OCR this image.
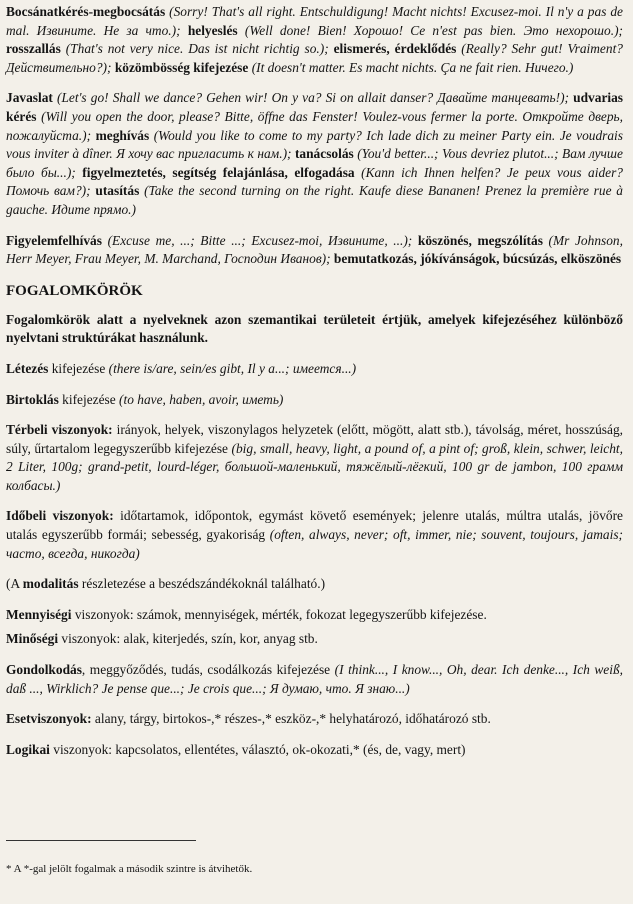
Bocsánatkérés-megbocsátás (Sorry! That's all right. Entschuldigung! Macht nichts! Excusez-moi. Il n'y a pas de mal. Извините. Не за что.); helyeslés (Well done! Bien! Хорошо! Ce n'est pas bien. Это нехорошо.); rosszallás (That's not very nice. Das ist nicht richtig so.); elismerés, érdeklődés (Really? Sehr gut! Vraiment? Действительно?); közömbösség kifejezése (It doesn't matter. Es macht nichts. Ça ne fait rien. Ничего.)

Javaslat (Let's go! Shall we dance? Gehen wir! On y va? Si on allait danser? Давайте танцевать!); udvarias kérés (Will you open the door, please? Bitte, öffne das Fenster! Voulez-vous fermer la porte. Откройте дверь, пожалуйста.); meghívás (Would you like to come to my party? Ich lade dich zu meiner Party ein. Je voudrais vous inviter à dîner. Я хочу вас пригласить к нам.); tanácsolás (You'd better...; Vous devriez plutot...; Вам лучше было бы...); figyelmeztetés, segítség felajánlása, elfogadása (Kann ich Ihnen helfen? Je peux vous aider? Помочь вам?); utasítás (Take the second turning on the right. Kaufe diese Bananen! Prenez la première rue à gauche. Идите прямо.)

Figyelemfelhívás (Excuse me, ...; Bitte ...; Excusez-moi, Извините, ...); köszönés, megszólítás (Mr Johnson, Herr Meyer, Frau Meyer, M. Marchand, Господин Иванов); bemutatkozás, jókívánságok, búcsúzás, elköszönés

FOGALOMKÖRÖK

Fogalomkörök alatt a nyelveknek azon szemantikai területeit értjük, amelyek kifejezéséhez különböző nyelvtani struktúrákat használunk.

Létezés kifejezése (there is/are, sein/es gibt, Il y a...; имеется...)

Birtoklás kifejezése (to have, haben, avoir, иметь)

Térbeli viszonyok: irányok, helyek, viszonylagos helyzetek (előtt, mögött, alatt stb.), távolság, méret, hosszúság, súly, űrtartalom legegyszerűbb kifejezése (big, small, heavy, light, a pound of, a pint of; groß, klein, schwer, leicht, 2 Liter, 100g; grand-petit, lourd-léger, большой-маленький, тяжёлый-лёгкий, 100 gr de jambon, 100 грамм колбасы.)

Időbeli viszonyok: időtartamok, időpontok, egymást követő események; jelenre utalás, múltra utalás, jövőre utalás egyszerűbb formái; sebesség, gyakoriság (often, always, never; oft, immer, nie; souvent, toujours, jamais; часто, всегда, никогда)

(A modalitás részletezése a beszédszándékoknál található.)

Mennyiségi viszonyok: számok, mennyiségek, mérték, fokozat legegyszerűbb kifejezése.

Minőségi viszonyok: alak, kiterjedés, szín, kor, anyag stb.

Gondolkodás, meggyőződés, tudás, csodálkozás kifejezése (I think..., I know..., Oh, dear. Ich denke..., Ich weiß, daß ..., Wirklich? Je pense que...; Je crois que...; Я думаю, что. Я знаю...)

Esetviszonyok: alany, tárgy, birtokos-,* részes-,* eszköz-,* helyhatározó, időhatározó stb.

Logikai viszonyok: kapcsolatos, ellentétes, választó, ok-okozati,* (és, de, vagy, mert)

* A *-gal jelölt fogalmak a második szintre is átvihetők.
